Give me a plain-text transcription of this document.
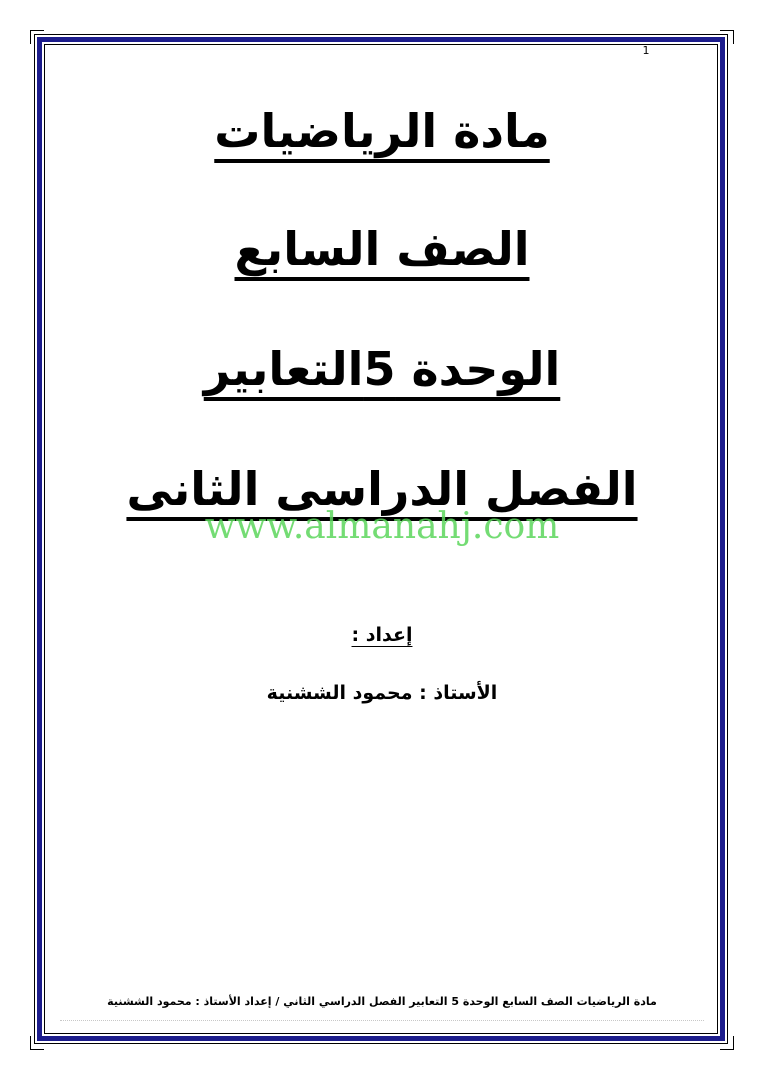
1
مادة الرياضيات
الصف السابع
الوحدة 5التعابير
الفصل الدراسى الثانى
www.almanahj.com
إعداد :
الأستاذ : محمود الششنية
مادة الرياضيات الصف السابع الوحدة 5 التعابير الفصل الدراسي الثاني / إعداد الأستاذ : محمود الششنية
